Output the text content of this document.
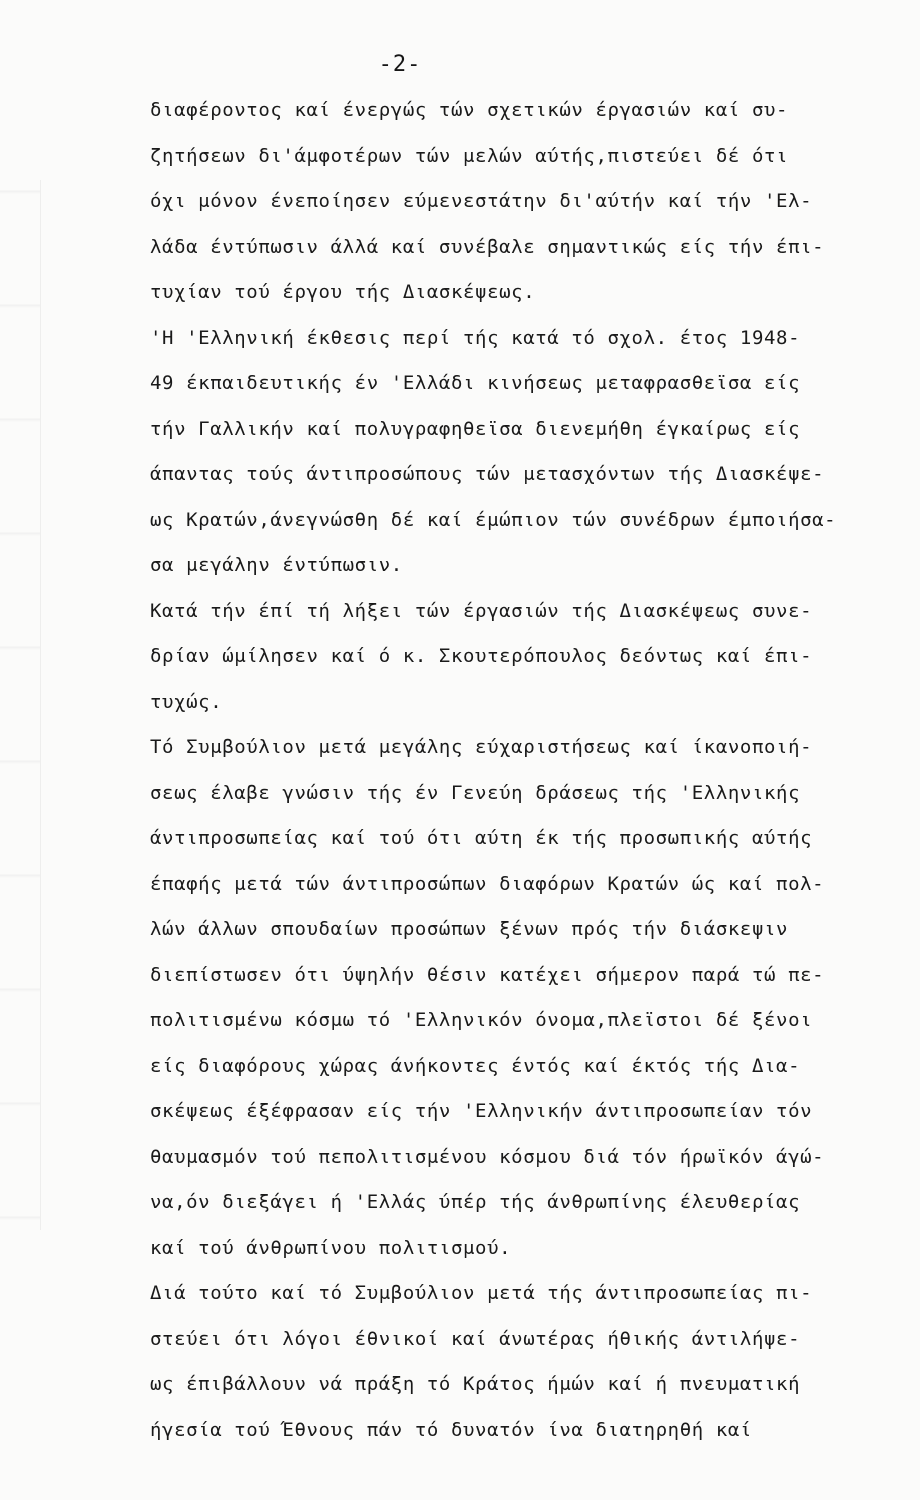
-2-
διαφέροντος καί ένεργώς τών σχετικών έργασιών καί συ-
ζητήσεων δι'άμφοτέρων τών μελών αύτής,πιστεύει δέ ότι
όχι μόνον ένεποίησεν εύμενεστάτην δι'αύτήν καί τήν 'Ελ-
λάδα έντύπωσιν άλλά καί συνέβαλε σημαντικώς είς τήν έπι-
τυχίαν τού έργου τής Διασκέψεως.
'Η 'Ελληνική έκθεσις περί τής κατά τό σχολ. έτος 1948-
49 έκπαιδευτικής έν 'Ελλάδι κινήσεως μεταφρασθεϊσα είς
τήν Γαλλικήν καί πολυγραφηθεϊσα διενεμήθη έγκαίρως είς
άπαντας τούς άντιπροσώπους τών μετασχόντων τής Διασκέψε-
ως Κρατών,άνεγνώσθη δέ καί έμώπιον τών συνέδρων έμποιήσα-
σα μεγάλην έντύπωσιν.
Κατά τήν έπί τή λήξει τών έργασιών τής Διασκέψεως συνε-
δρίαν ώμίλησεν καί ό κ. Σκουτερόπουλος δεόντως καί έπι-
τυχώς.
Τό Συμβούλιον μετά μεγάλης εύχαριστήσεως καί ίκανοποιή-
σεως έλαβε γνώσιν τής έν Γενεύη δράσεως τής 'Ελληνικής
άντιπροσωπείας καί τού ότι αύτη έκ τής προσωπικής αύτής
έπαφής μετά τών άντιπροσώπων διαφόρων Κρατών ώς καί πολ-
λών άλλων σπουδαίων προσώπων ξένων πρός τήν διάσκεψιν
διεπίστωσεν ότι ύψηλήν θέσιν κατέχει σήμερον παρά τώ πε-
πολιτισμένω κόσμω τό 'Ελληνικόν όνομα,πλεϊστοι δέ ξένοι
είς διαφόρους χώρας άνήκοντες έντός καί έκτός τής Δια-
σκέψεως έξέφρασαν είς τήν 'Ελληνικήν άντιπροσωπείαν τόν
θαυμασμόν τού πεπολιτισμένου κόσμου διά τόν ήρωϊκόν άγώ-
να,όν διεξάγει ή 'Ελλάς ύπέρ τής άνθρωπίνης έλευθερίας
καί τού άνθρωπίνου πολιτισμού.
Διά τούτο καί τό Συμβούλιον μετά τής άντιπροσωπείας πι-
στεύει ότι λόγοι έθνικοί καί άνωτέρας ήθικής άντιλήψε-
ως έπιβάλλουν νά πράξη τό Κράτος ήμών καί ή πνευματική
ήγεσία τού Έθνους πάν τό δυνατόν ίνα διατηρηθή καί
